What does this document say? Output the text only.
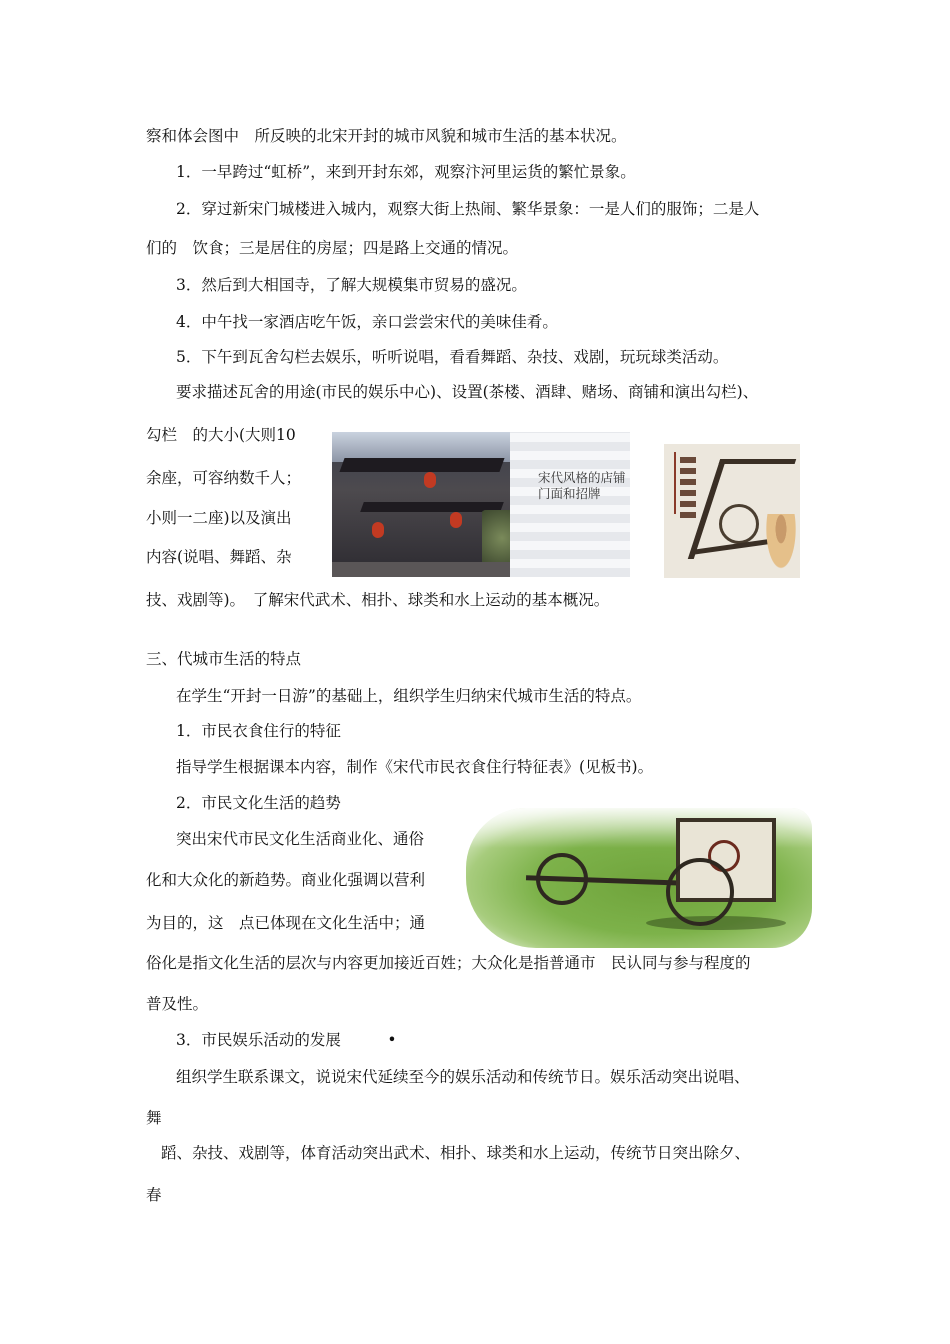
察和体会图中　所反映的北宋开封的城市风貌和城市生活的基本状况。
1．一早跨过“虹桥”，来到开封东郊，观察汴河里运货的繁忙景象。
2．穿过新宋门城楼进入城内，观察大街上热闹、繁华景象：一是人们的服饰；二是人
们的　饮食；三是居住的房屋；四是路上交通的情况。
3．然后到大相国寺，了解大规模集市贸易的盛况。
4．中午找一家酒店吃午饭，亲口尝尝宋代的美味佳肴。
5．下午到瓦舍勾栏去娱乐，听听说唱，看看舞蹈、杂技、戏剧，玩玩球类活动。
要求描述瓦舍的用途(市民的娱乐中心)、设置(茶楼、酒肆、赌场、商铺和演出勾栏)、
勾栏　的大小(大则10
余座，可容纳数千人；
小则一二座)以及演出
内容(说唱、舞蹈、杂
技、戏剧等)。　了解宋代武术、相扑、球类和水上运动的基本概况。
三、代城市生活的特点
在学生“开封一日游”的基础上，组织学生归纳宋代城市生活的特点。
1．市民衣食住行的特征
指导学生根据课本内容，制作《宋代市民衣食住行特征表》(见板书)。
2．市民文化生活的趋势
突出宋代市民文化生活商业化、通俗
化和大众化的新趋势。商业化强调以营利
为目的，这　点已体现在文化生活中；通
俗化是指文化生活的层次与内容更加接近百姓；大众化是指普通市　民认同与参与程度的
普及性。
3．市民娱乐活动的发展　　　•
组织学生联系课文，说说宋代延续至今的娱乐活动和传统节日。娱乐活动突出说唱、
舞
蹈、杂技、戏剧等，体育活动突出武术、相扑、球类和水上运动，传统节日突出除夕、
春
宋代风格的店铺门面和招牌
